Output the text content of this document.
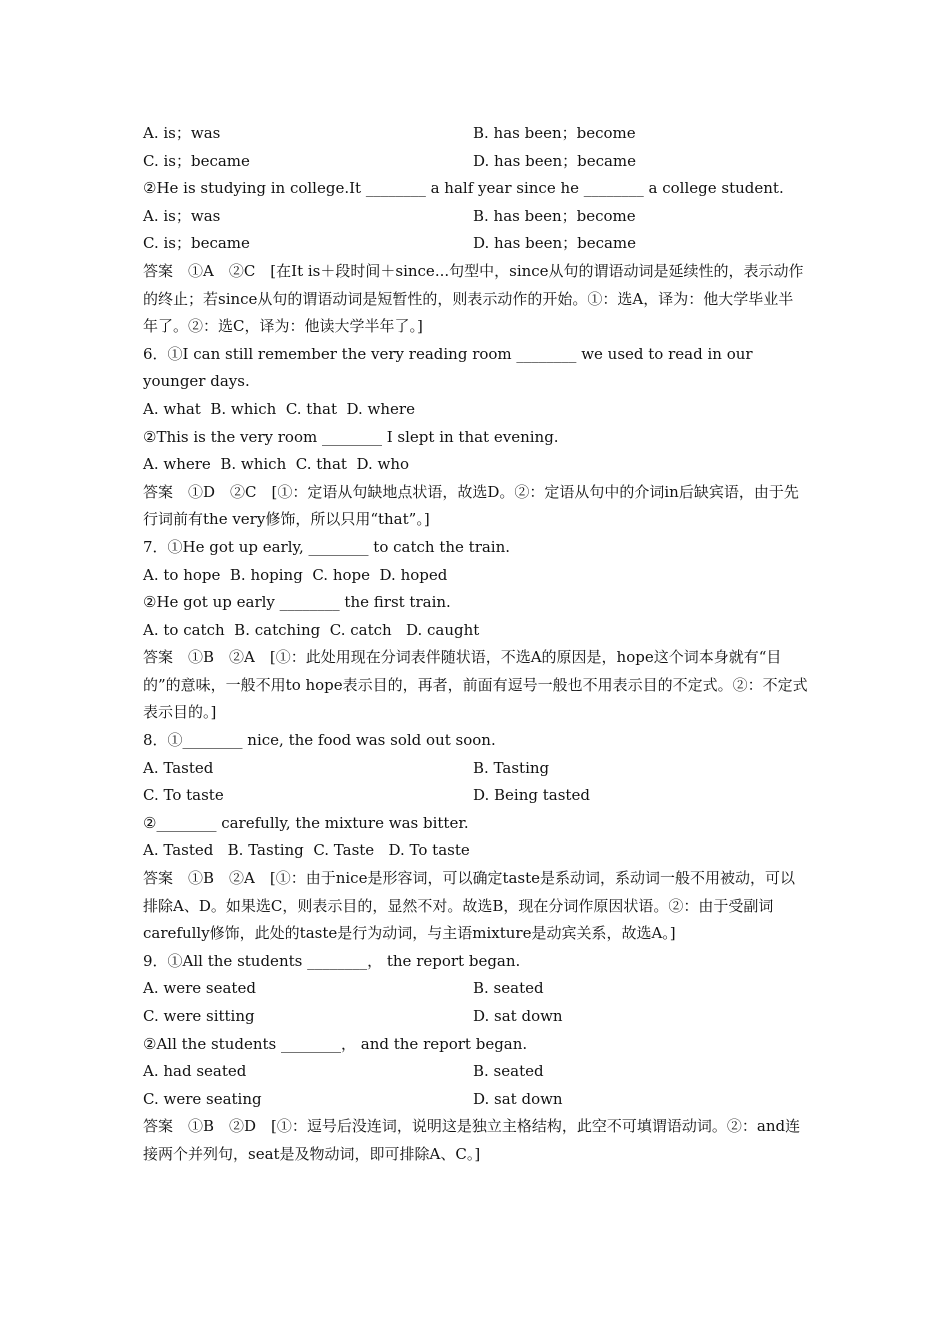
A. is；was	B. has been；become
C. is；became	D. has been；became
②He is studying in college.It ________ a half year since he ________ a college student.
A. is；was	B. has been；become
C. is；became	D. has been；became
答案　①A　②C　[在It is＋段时间＋since...句型中，since从句的谓语动词是延续性的，表示动作的终止；若since从句的谓语动词是短暂性的，则表示动作的开始。①：选A，译为：他大学毕业半年了。②：选C，译为：他读大学半年了。]
6．①I can still remember the very reading room ________ we used to read in our younger days.
A. what  B. which  C. that  D. where
②This is the very room ________ I slept in that evening.
A. where  B. which  C. that  D. who
答案　①D　②C　[①：定语从句缺地点状语，故选D。②：定语从句中的介词in后缺宾语，由于先行词前有the very修饰，所以只用“that”。]
7．①He got up early, ________ to catch the train.
A. to hope  B. hoping  C. hope  D. hoped
②He got up early ________ the first train.
A. to catch  B. catching  C. catch   D. caught
答案　①B　②A　[①：此处用现在分词表伴随状语，不选A的原因是，hope这个词本身就有“目的”的意味，一般不用to hope表示目的，再者，前面有逗号一般也不用表示目的不定式。②：不定式表示目的。]
8．①________ nice, the food was sold out soon.
A. Tasted	B. Tasting
C. To taste	D. Being tasted
②________ carefully, the mixture was bitter.
A. Tasted   B. Tasting  C. Taste   D. To taste
答案　①B　②A　[①：由于nice是形容词，可以确定taste是系动词，系动词一般不用被动，可以排除A、D。如果选C，则表示目的，显然不对。故选B，现在分词作原因状语。②：由于受副词carefully修饰，此处的taste是行为动词，与主语mixture是动宾关系，故选A。]
9．①All the students ________， the report began.
A. were seated	B. seated
C. were sitting	D. sat down
②All the students ________， and the report began.
A. had seated	B. seated
C. were seating	D. sat down
答案　①B　②D　[①：逗号后没连词，说明这是独立主格结构，此空不可填谓语动词。②：and连接两个并列句，seat是及物动词，即可排除A、C。]
